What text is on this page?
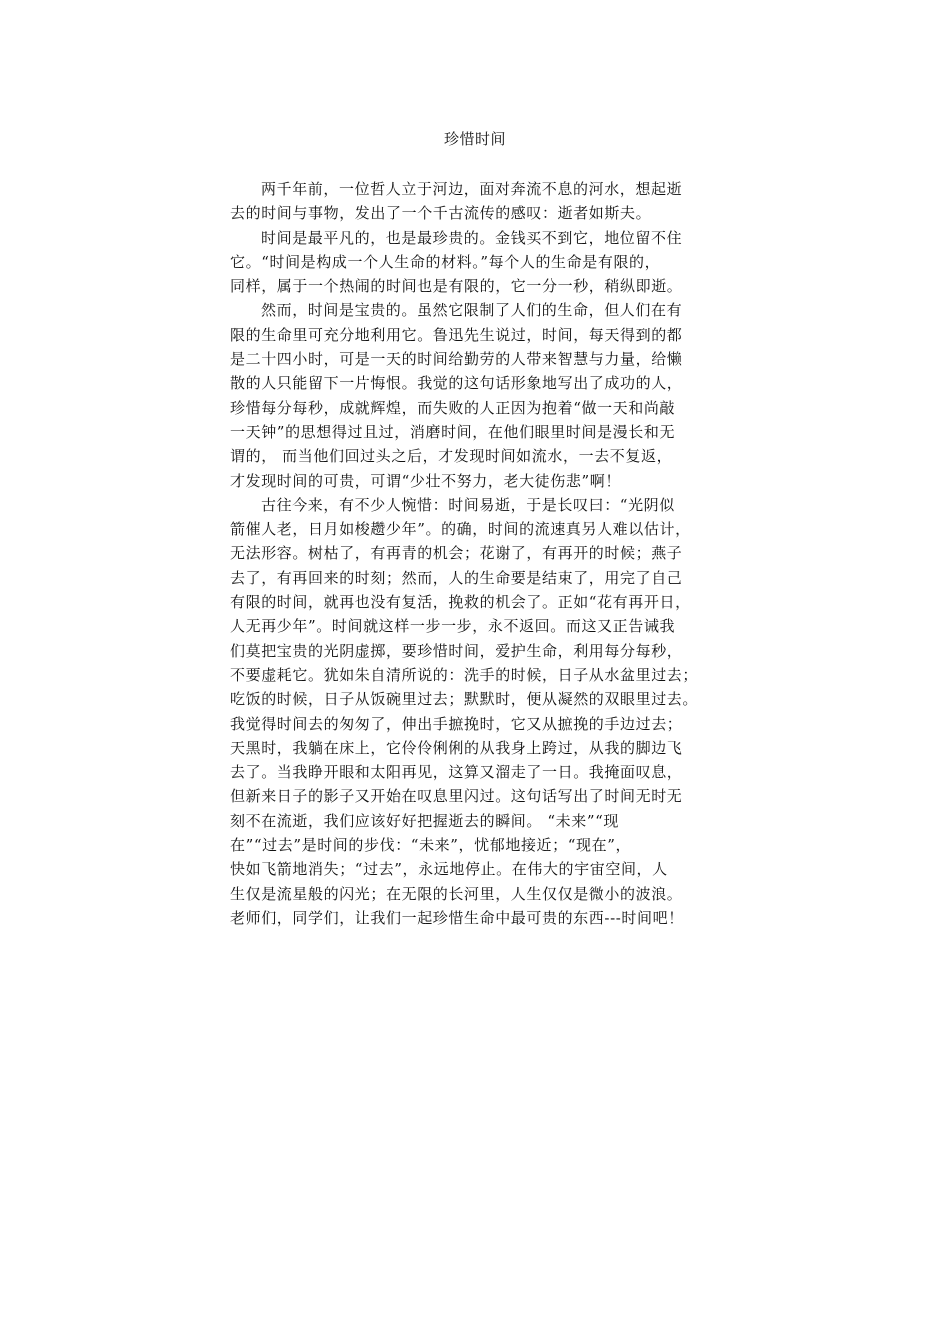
珍惜时间
两千年前，一位哲人立于河边，面对奔流不息的河水，想起逝
去的时间与事物，发出了一个千古流传的感叹：逝者如斯夫。
时间是最平凡的，也是最珍贵的。金钱买不到它，地位留不住
它。“时间是构成一个人生命的材料。”每个人的生命是有限的，
同样，属于一个热闹的时间也是有限的，它一分一秒，稍纵即逝。
然而，时间是宝贵的。虽然它限制了人们的生命，但人们在有
限的生命里可充分地利用它。鲁迅先生说过，时间，每天得到的都
是二十四小时，可是一天的时间给勤劳的人带来智慧与力量，给懒
散的人只能留下一片悔恨。我觉的这句话形象地写出了成功的人，
珍惜每分每秒，成就辉煌，而失败的人正因为抱着“做一天和尚敲
一天钟”的思想得过且过，消磨时间，在他们眼里时间是漫长和无
谓的， 而当他们回过头之后，才发现时间如流水，一去不复返，
才发现时间的可贵，可谓“少壮不努力，老大徒伤悲”啊！
古往今来，有不少人惋惜：时间易逝，于是长叹曰：“光阴似
箭催人老，日月如梭趱少年”。的确，时间的流速真另人难以估计，
无法形容。树枯了，有再青的机会；花谢了，有再开的时候；燕子
去了，有再回来的时刻；然而，人的生命要是结束了，用完了自己
有限的时间，就再也没有复活，挽救的机会了。正如“花有再开日，
人无再少年”。时间就这样一步一步，永不返回。而这又正告诫我
们莫把宝贵的光阴虚掷，要珍惜时间，爱护生命，利用每分每秒，
不要虚耗它。犹如朱自清所说的：洗手的时候，日子从水盆里过去；
吃饭的时候，日子从饭碗里过去；默默时，便从凝然的双眼里过去。
我觉得时间去的匆匆了，伸出手摭挽时，它又从摭挽的手边过去；
天黑时，我躺在床上，它伶伶俐俐的从我身上跨过，从我的脚边飞
去了。当我睁开眼和太阳再见，这算又溜走了一日。我掩面叹息，
但新来日子的影子又开始在叹息里闪过。这句话写出了时间无时无
刻不在流逝，我们应该好好把握逝去的瞬间。 “未来”“现
在”“过去”是时间的步伐：“未来”，忧郁地接近；“现在”，
快如飞箭地消失；“过去”，永远地停止。在伟大的宇宙空间，人
生仅是流星般的闪光；在无限的长河里，人生仅仅是微小的波浪。
老师们，同学们，让我们一起珍惜生命中最可贵的东西---时间吧！
